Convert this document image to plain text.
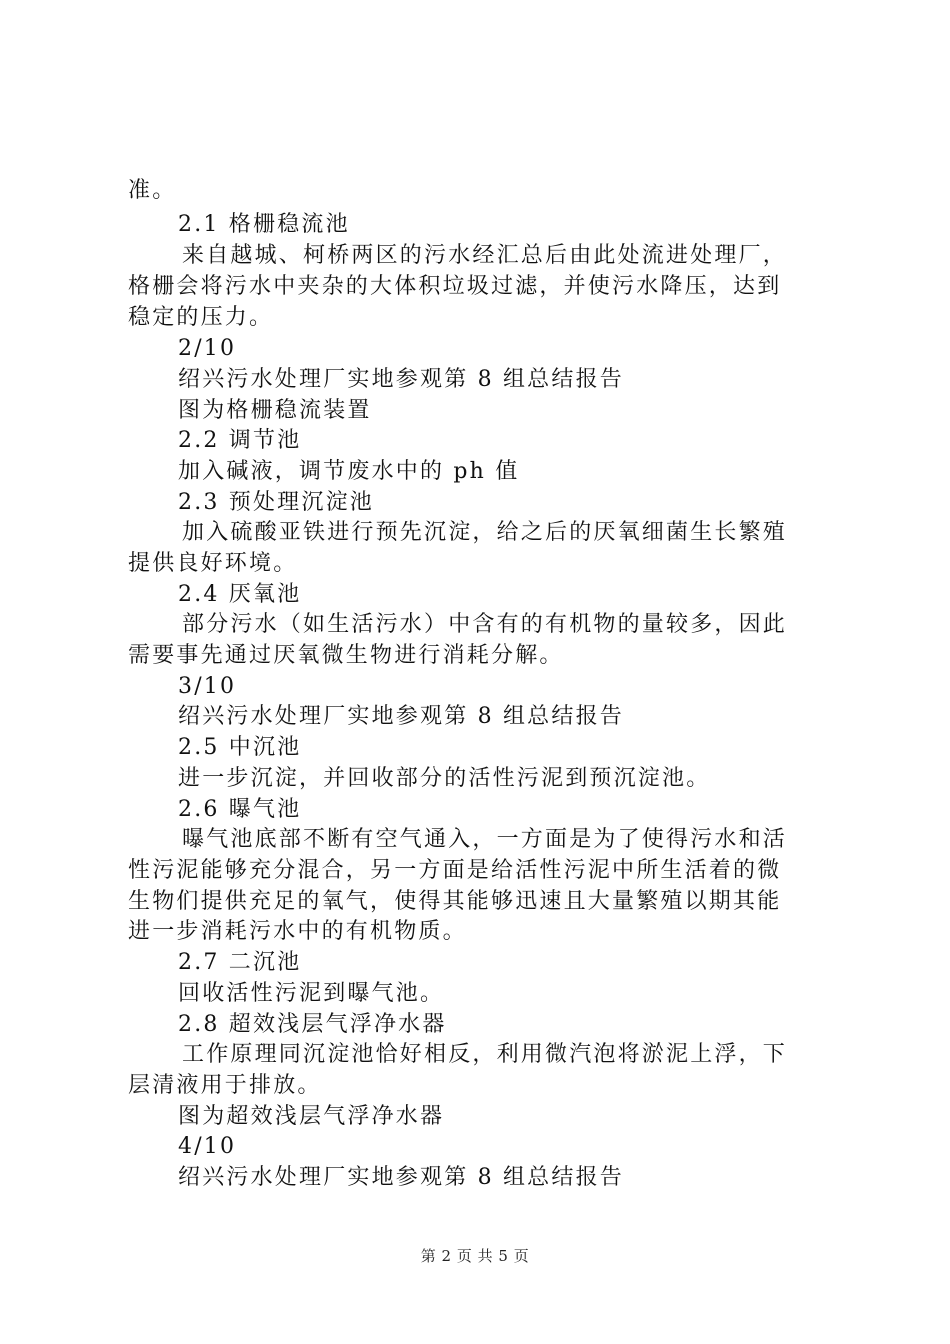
准。
2.1 格栅稳流池
来自越城、柯桥两区的污水经汇总后由此处流进处理厂，
格栅会将污水中夹杂的大体积垃圾过滤，并使污水降压，达到
稳定的压力。
2/10
绍兴污水处理厂实地参观第 8 组总结报告
图为格栅稳流装置
2.2 调节池
加入碱液，调节废水中的 ph 值
2.3 预处理沉淀池
加入硫酸亚铁进行预先沉淀，给之后的厌氧细菌生长繁殖
提供良好环境。
2.4 厌氧池
部分污水（如生活污水）中含有的有机物的量较多，因此
需要事先通过厌氧微生物进行消耗分解。
3/10
绍兴污水处理厂实地参观第 8 组总结报告
2.5 中沉池
进一步沉淀，并回收部分的活性污泥到预沉淀池。
2.6 曝气池
曝气池底部不断有空气通入，一方面是为了使得污水和活
性污泥能够充分混合，另一方面是给活性污泥中所生活着的微
生物们提供充足的氧气，使得其能够迅速且大量繁殖以期其能
进一步消耗污水中的有机物质。
2.7 二沉池
回收活性污泥到曝气池。
2.8 超效浅层气浮净水器
工作原理同沉淀池恰好相反，利用微汽泡将淤泥上浮，下
层清液用于排放。
图为超效浅层气浮净水器
4/10
绍兴污水处理厂实地参观第 8 组总结报告
第 2 页 共 5 页
